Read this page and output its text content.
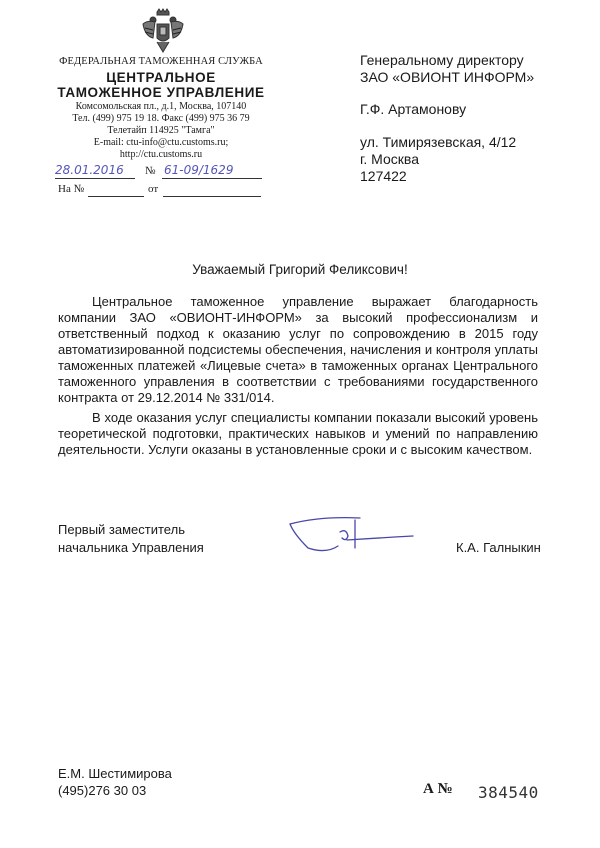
ФЕДЕРАЛЬНАЯ ТАМОЖЕННАЯ СЛУЖБА
ЦЕНТРАЛЬНОЕ
ТАМОЖЕННОЕ УПРАВЛЕНИЕ
Комсомольская пл., д.1, Москва, 107140
Тел. (499) 975 19 18. Факс (499) 975 36 79
Телетайп 114925 "Тамга"
E-mail: ctu-info@ctu.customs.ru;
http://ctu.customs.ru
28.01.2016 № 61-09/1629
На №	от
Генеральному директору
ЗАО «ОВИОНТ ИНФОРМ»
Г.Ф. Артамонову
ул. Тимирязевская, 4/12
г. Москва
127422
Уважаемый Григорий Феликсович!
Центральное таможенное управление выражает благодарность компании ЗАО «ОВИОНТ-ИНФОРМ» за высокий профессионализм и ответственный подход к оказанию услуг по сопровождению в 2015 году автоматизированной подсистемы обеспечения, начисления и контроля уплаты таможенных платежей «Лицевые счета» в таможенных органах Центрального таможенного управления в соответствии с требованиями государственного контракта от 29.12.2014 № 331/014.
В ходе оказания услуг специалисты компании показали высокий уровень теоретической подготовки, практических навыков и умений по направлению деятельности. Услуги оказаны в установленные сроки и с высоким качеством.
Первый заместитель
начальника Управления	К.А. Галныкин
Е.М. Шестимирова
(495)276 30 03	А № 384540
